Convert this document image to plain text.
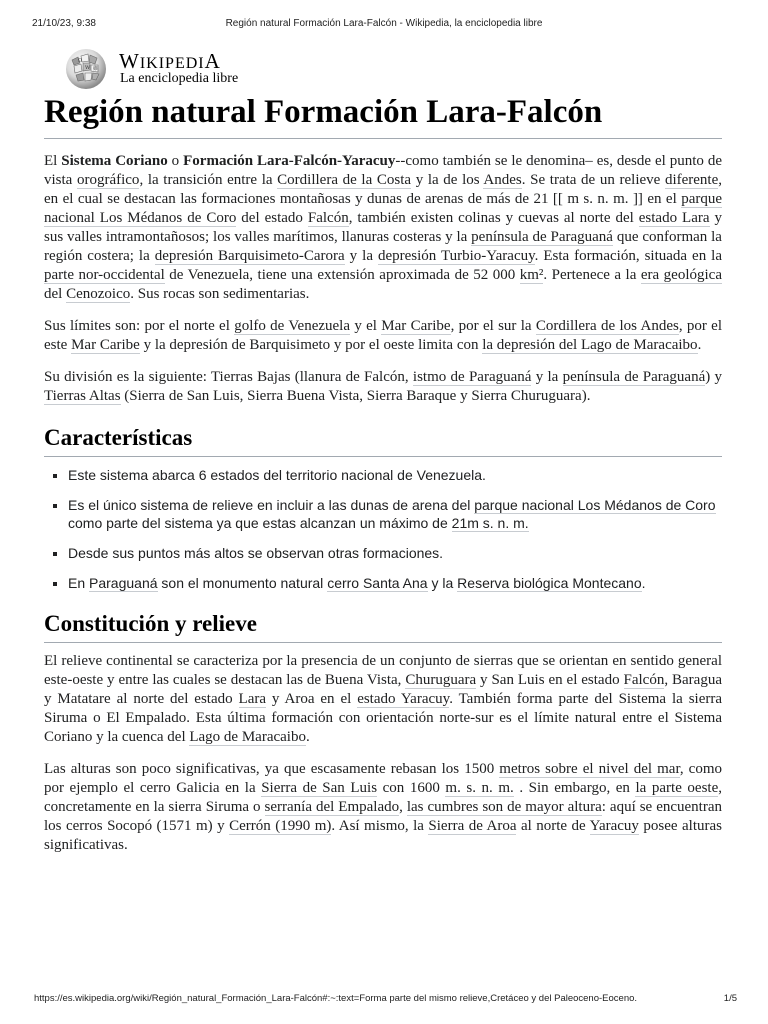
21/10/23, 9:38	Región natural Formación Lara-Falcón - Wikipedia, la enciclopedia libre
Ω
W 維 WIKIPEDIA
La enciclopedia libre
Región natural Formación Lara-Falcón

El Sistema Coriano o Formación Lara-Falcón-Yaracuy--como también se le denomina– es, desde el punto de vista orográfico, la transición entre la Cordillera de la Costa y la de los Andes. Se trata de un relieve diferente, en el cual se destacan las formaciones montañosas y dunas de arenas de más de 21 [[ m s. n. m. ]] en el parque nacional Los Médanos de Coro del estado Falcón, también existen colinas y cuevas al norte del estado Lara y sus valles intramontañosos; los valles marítimos, llanuras costeras y la península de Paraguaná que conforman la región costera; la depresión Barquisimeto-Carora y la depresión Turbio-Yaracuy. Esta formación, situada en la parte nor-occidental de Venezuela, tiene una extensión aproximada de 52 000 km². Pertenece a la era geológica del Cenozoico. Sus rocas son sedimentarias.

Sus límites son: por el norte el golfo de Venezuela y el Mar Caribe, por el sur la Cordillera de los Andes, por el este Mar Caribe y la depresión de Barquisimeto y por el oeste limita con la depresión del Lago de Maracaibo.

Su división es la siguiente: Tierras Bajas (llanura de Falcón, istmo de Paraguaná y la península de Paraguaná) y Tierras Altas (Sierra de San Luis, Sierra Buena Vista, Sierra Baraque y Sierra Churuguara).

Características
▪ Este sistema abarca 6 estados del territorio nacional de Venezuela.
▪ Es el único sistema de relieve en incluir a las dunas de arena del parque nacional Los Médanos de Coro como parte del sistema ya que estas alcanzan un máximo de 21m s. n. m.
▪ Desde sus puntos más altos se observan otras formaciones.
▪ En Paraguaná son el monumento natural cerro Santa Ana y la Reserva biológica Montecano.
Constitución y relieve

El relieve continental se caracteriza por la presencia de un conjunto de sierras que se orientan en sentido general este-oeste y entre las cuales se destacan las de Buena Vista, Churuguara y San Luis en el estado Falcón, Baragua y Matatare al norte del estado Lara y Aroa en el estado Yaracuy. También forma parte del Sistema la sierra Siruma o El Empalado. Esta última formación con orientación norte-sur es el límite natural entre el Sistema Coriano y la cuenca del Lago de Maracaibo.

Las alturas son poco significativas, ya que escasamente rebasan los 1500 metros sobre el nivel del mar, como por ejemplo el cerro Galicia en la Sierra de San Luis con 1600 m. s. n. m. . Sin embargo, en la parte oeste, concretamente en la sierra Siruma o serranía del Empalado, las cumbres son de mayor altura: aquí se encuentran los cerros Socopó (1571 m) y Cerrón (1990 m). Así mismo, la Sierra de Aroa al norte de Yaracuy posee alturas significativas.

https://es.wikipedia.org/wiki/Región_natural_Formación_Lara-Falcón#:~:text=Forma parte del mismo relieve,Cretáceo y del Paleoceno-Eoceno.	1/5
